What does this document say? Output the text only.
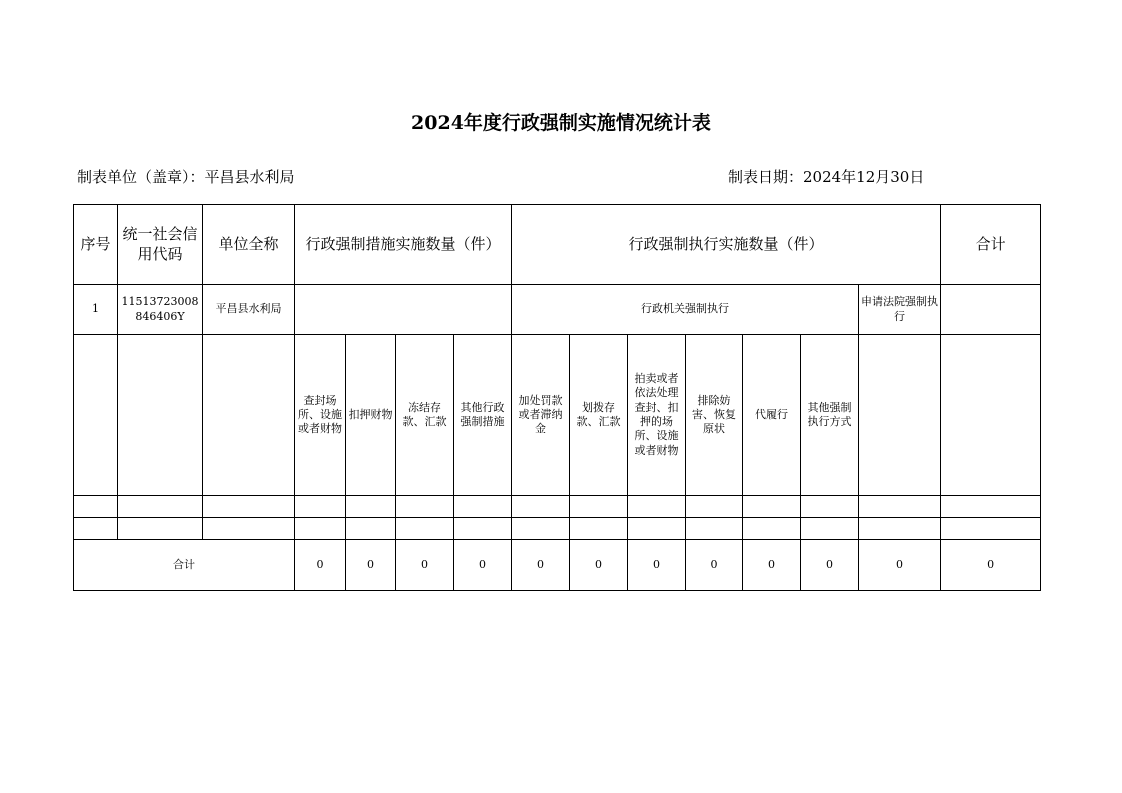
2024年度行政强制实施情况统计表
制表单位（盖章）：平昌县水利局	制表日期：2024年12月30日
序号	统一社会信用代码	单位全称	行政强制措施实施数量（件）				行政强制执行实施数量（件）							合计
1	11513723008846406Y	平昌县水利局					行政机关强制执行						申请法院强制执行	
			查封场所、设施或者财物	扣押财物	冻结存款、汇款	其他行政强制措施	加处罚款或者滞纳金	划拨存款、汇款	拍卖或者依法处理查封、扣押的场所、设施或者财物	排除妨害、恢复原状	代履行	其他强制执行方式		

合计			0	0	0	0	0	0	0	0	0	0	0	0
